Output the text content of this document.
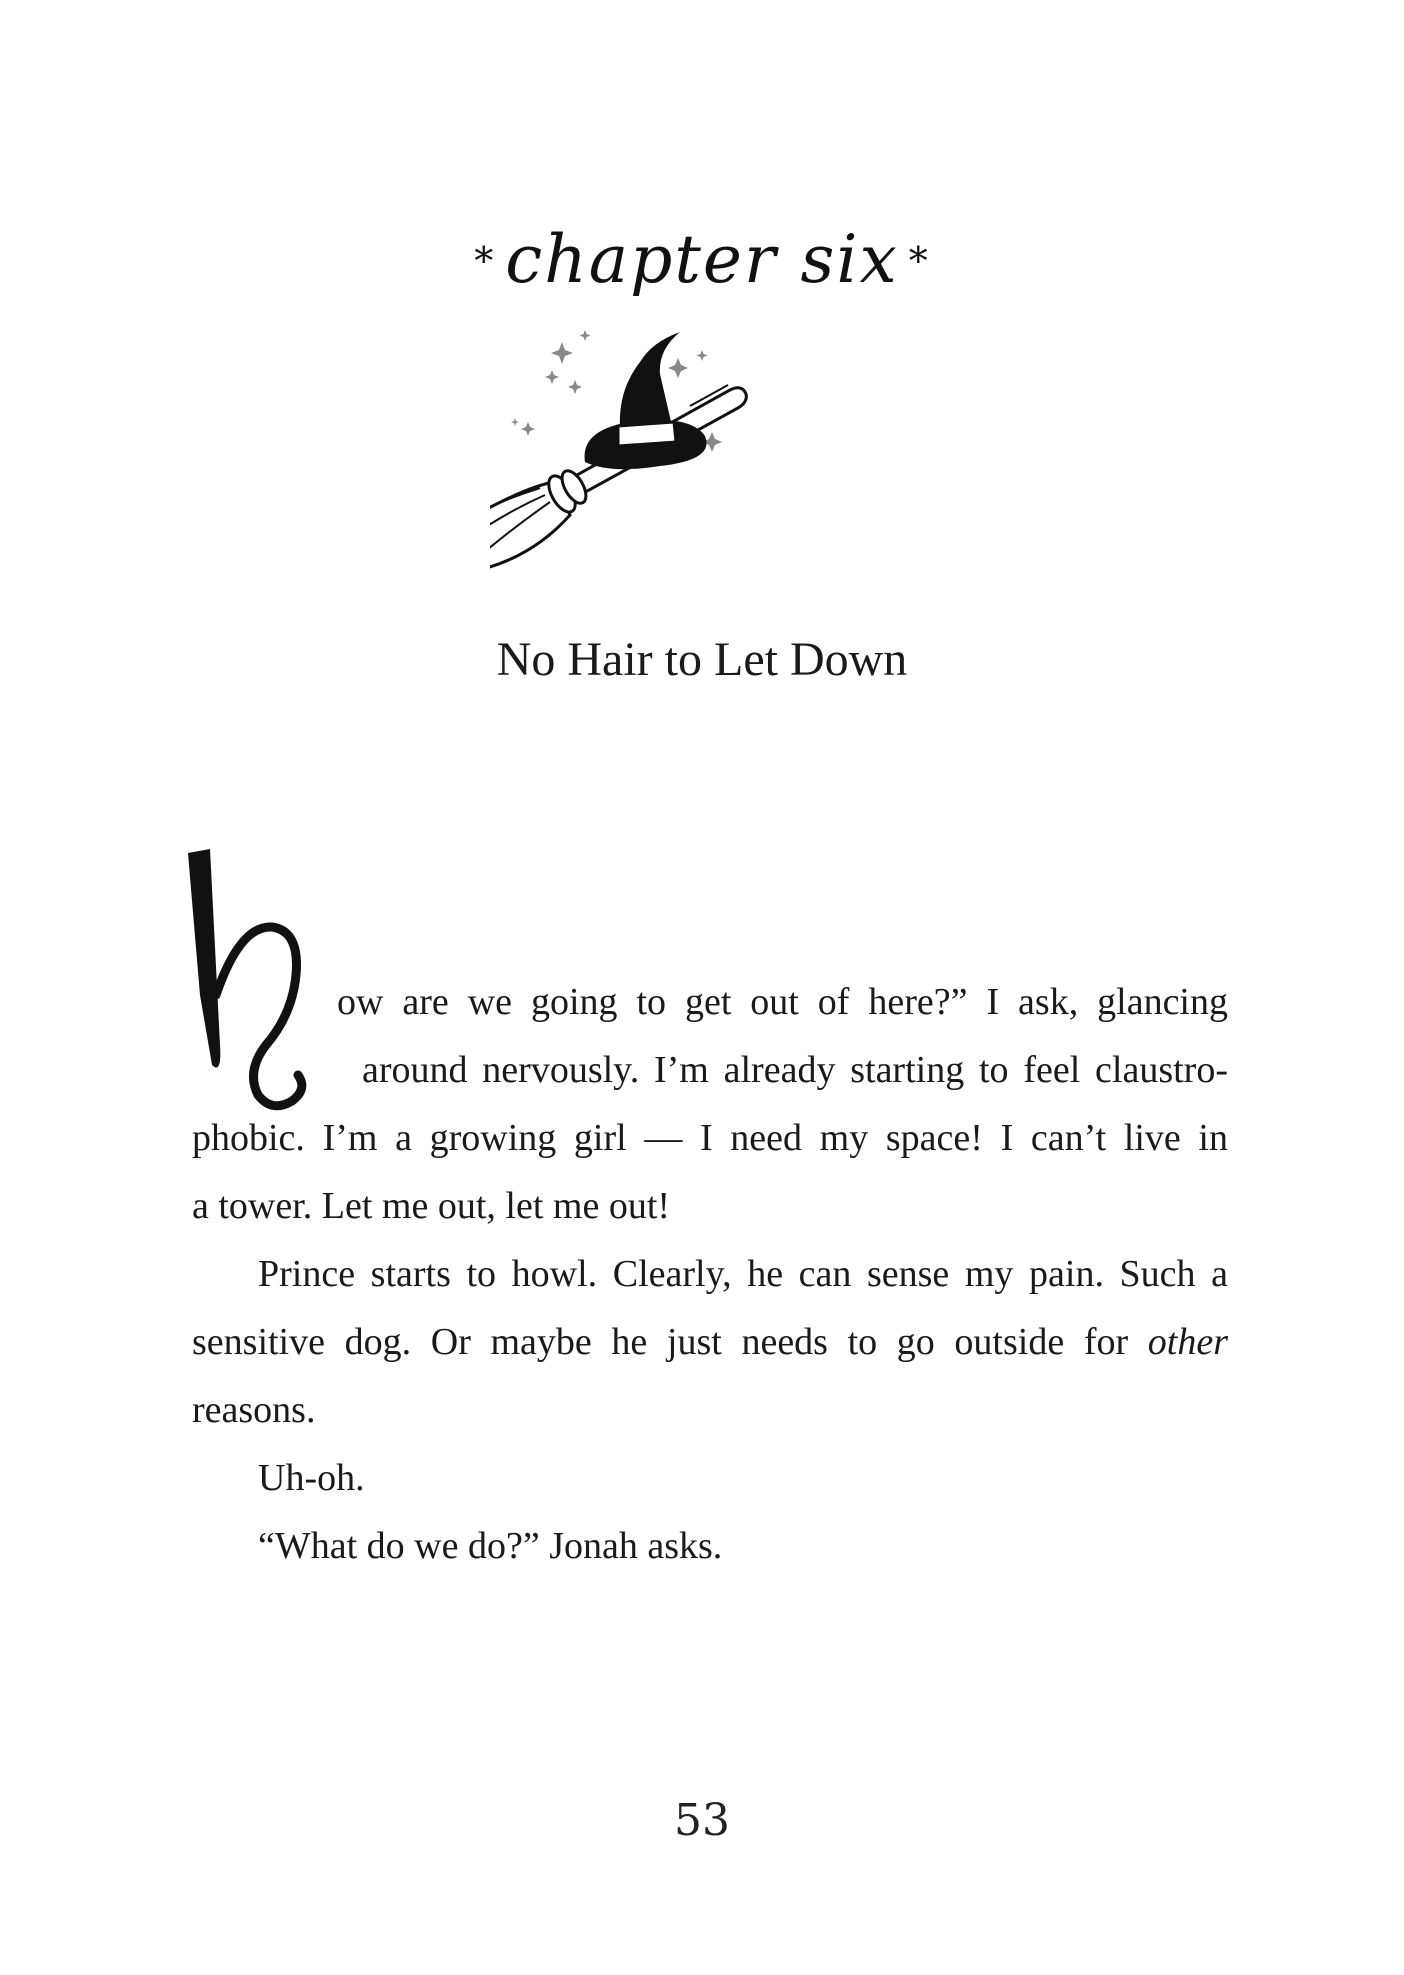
* chapter six *
No Hair to Let Down

ow are we going to get out of here?” I ask, glancing
around nervously. I’m already starting to feel claustro-
phobic. I’m a growing girl — I need my space! I can’t live in
a tower. Let me out, let me out!

Prince starts to howl. Clearly, he can sense my pain. Such a sensitive dog. Or maybe he just needs to go outside for other reasons.

Uh-oh.

“What do we do?” Jonah asks.

53
